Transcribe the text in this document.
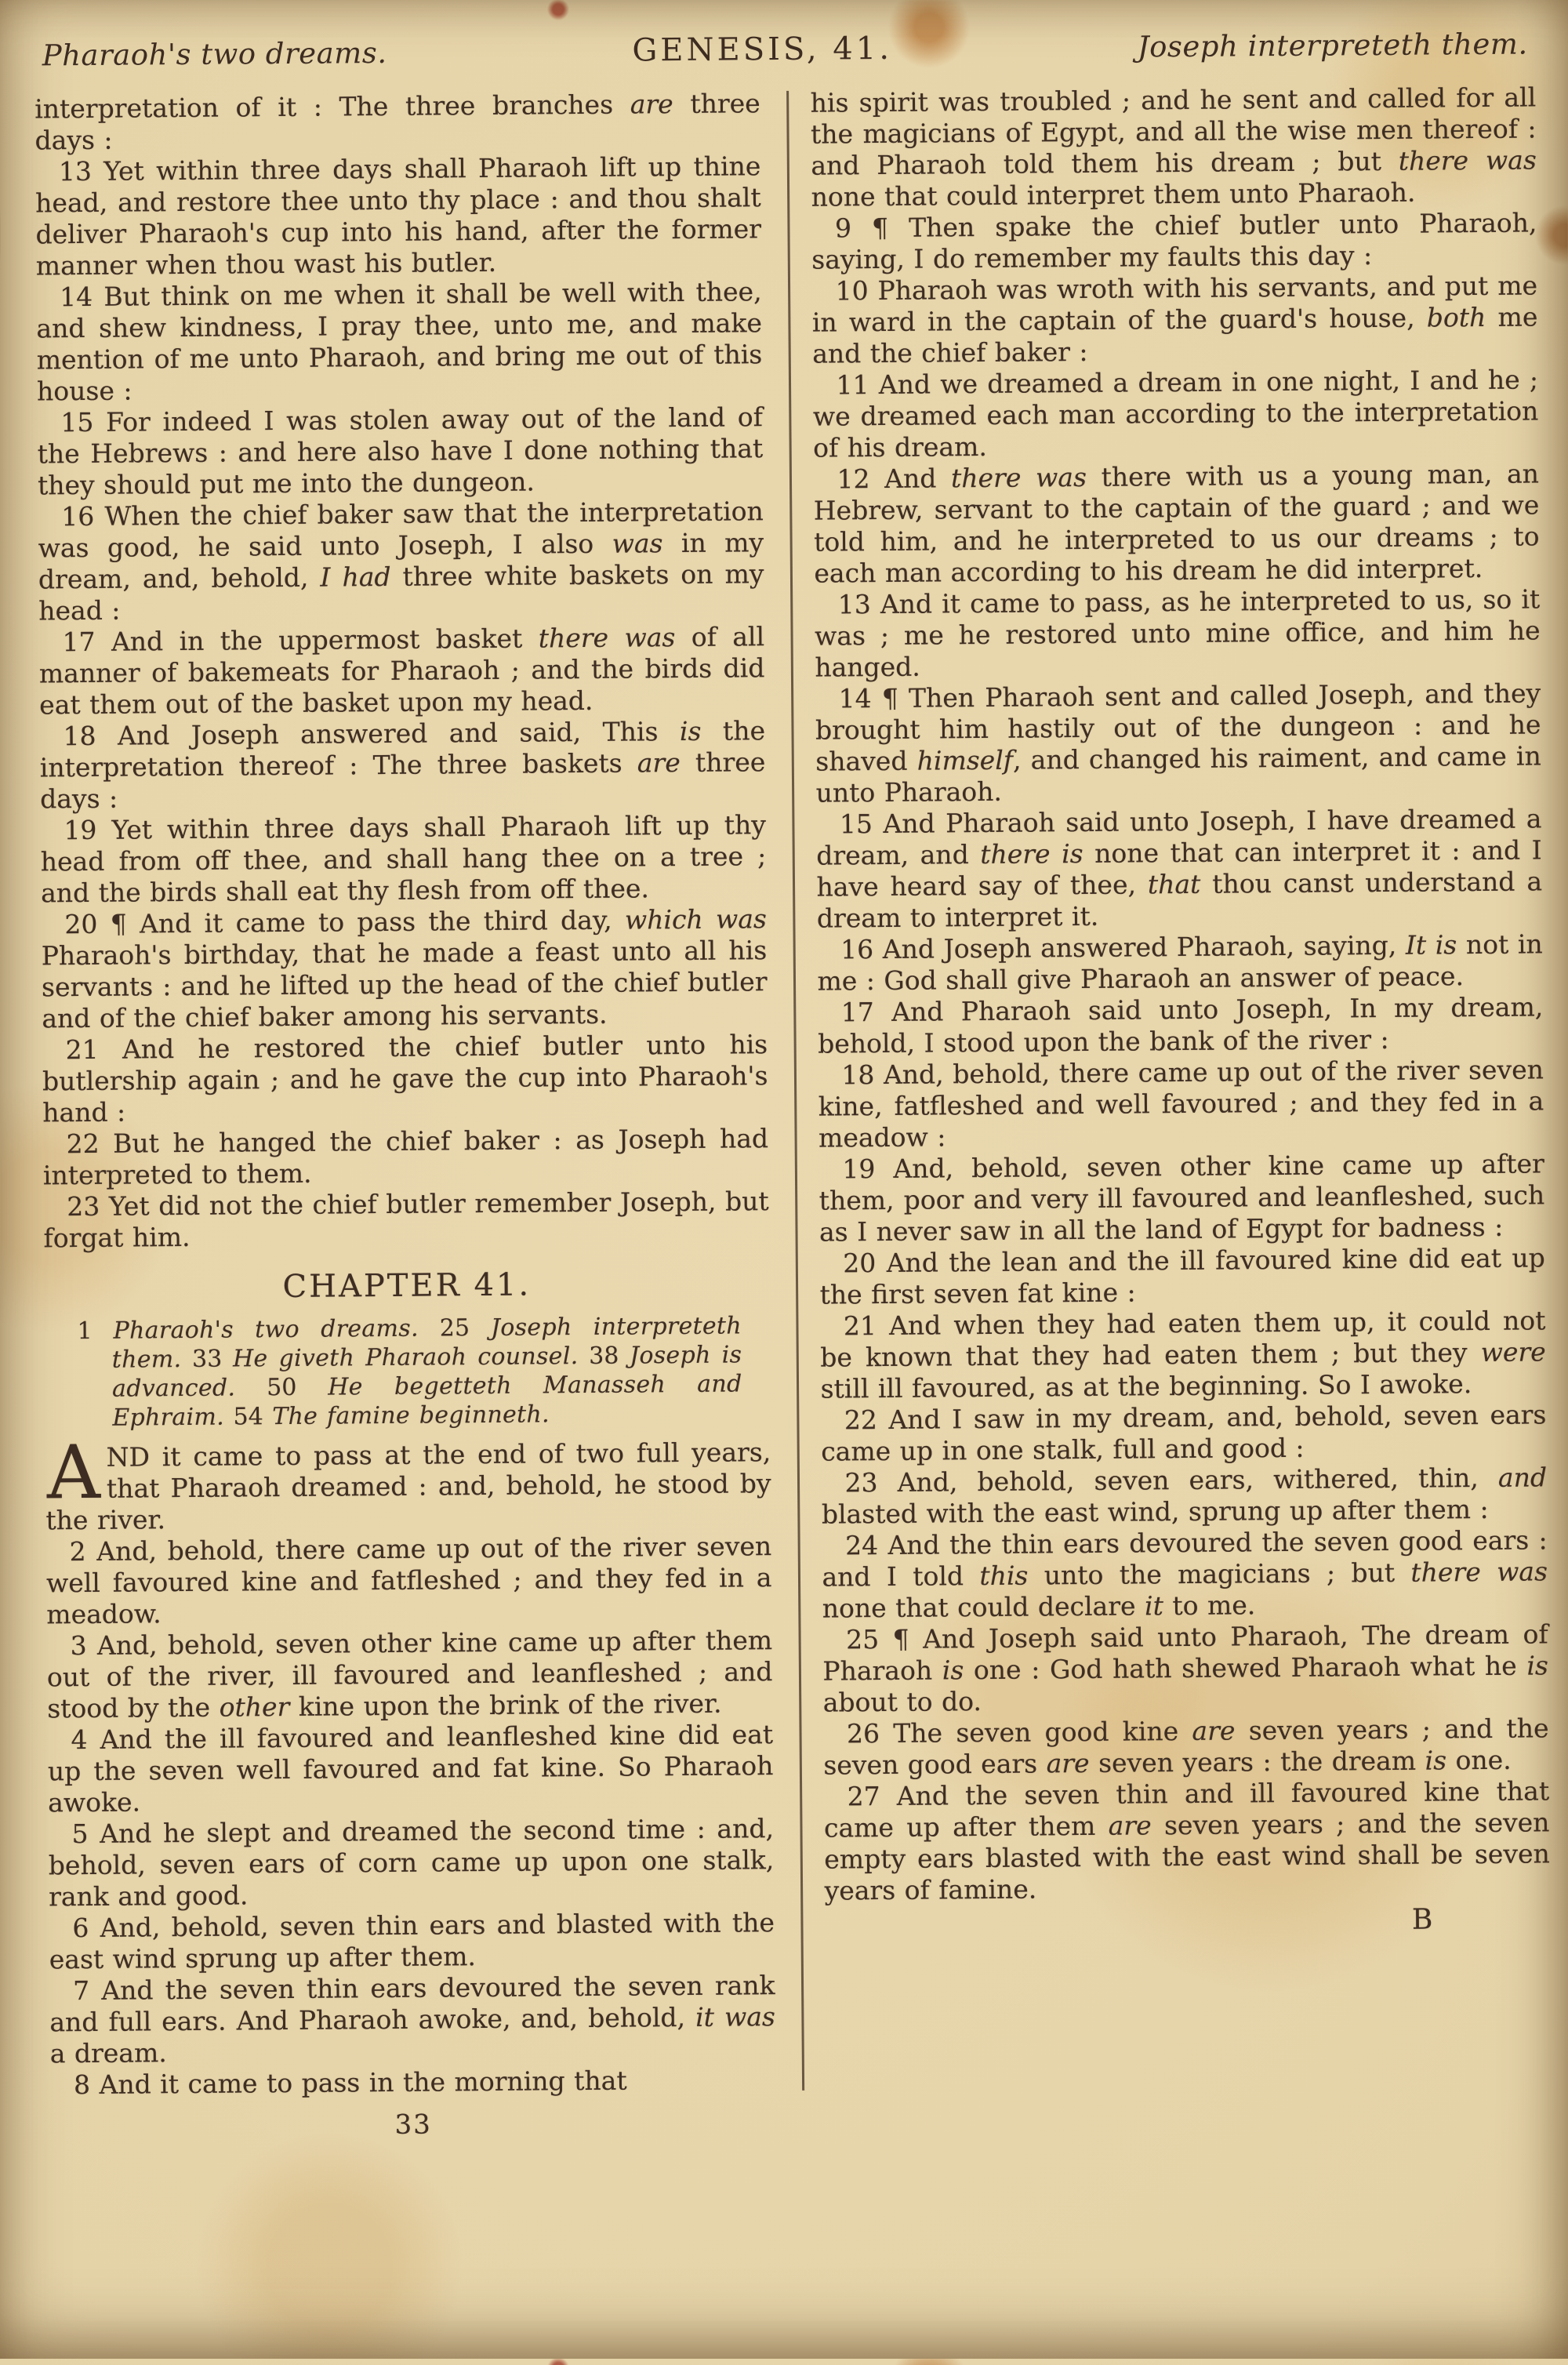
Pharaoh's two dreams.	GENESIS, 41.	Joseph interpreteth them.

interpretation of it : The three branches are three days :

13 Yet within three days shall Pharaoh lift up thine head, and restore thee unto thy place : and thou shalt deliver Pharaoh's cup into his hand, after the former manner when thou wast his butler.

14 But think on me when it shall be well with thee, and shew kindness, I pray thee, unto me, and make mention of me unto Pharaoh, and bring me out of this house :

15 For indeed I was stolen away out of the land of the Hebrews : and here also have I done nothing that they should put me into the dungeon.

16 When the chief baker saw that the interpretation was good, he said unto Joseph, I also was in my dream, and, behold, I had three white baskets on my head :

17 And in the uppermost basket there was of all manner of bakemeats for Pharaoh ; and the birds did eat them out of the basket upon my head.

18 And Joseph answered and said, This is the interpretation thereof : The three baskets are three days :

19 Yet within three days shall Pharaoh lift up thy head from off thee, and shall hang thee on a tree ; and the birds shall eat thy flesh from off thee.

20 ¶ And it came to pass the third day, which was Pharaoh's birthday, that he made a feast unto all his servants : and he lifted up the head of the chief butler and of the chief baker among his servants.

21 And he restored the chief butler unto his butlership again ; and he gave the cup into Pharaoh's hand :

22 But he hanged the chief baker : as Joseph had interpreted to them.

23 Yet did not the chief butler remember Joseph, but forgat him.

CHAPTER 41.

1 Pharaoh's two dreams. 25 Joseph interpreteth them. 33 He giveth Pharaoh counsel. 38 Joseph is advanced. 50 He begetteth Manasseh and Ephraim. 54 The famine beginneth.

AND it came to pass at the end of two full years, that Pharaoh dreamed : and, behold, he stood by the river.

2 And, behold, there came up out of the river seven well favoured kine and fatfleshed ; and they fed in a meadow.

3 And, behold, seven other kine came up after them out of the river, ill favoured and leanfleshed ; and stood by the other kine upon the brink of the river.

4 And the ill favoured and leanfleshed kine did eat up the seven well favoured and fat kine. So Pharaoh awoke.

5 And he slept and dreamed the second time : and, behold, seven ears of corn came up upon one stalk, rank and good.

6 And, behold, seven thin ears and blasted with the east wind sprung up after them.

7 And the seven thin ears devoured the seven rank and full ears. And Pharaoh awoke, and, behold, it was a dream.

8 And it came to pass in the morning that

33

his spirit was troubled ; and he sent and called for all the magicians of Egypt, and all the wise men thereof : and Pharaoh told them his dream ; but there was none that could interpret them unto Pharaoh.

9 ¶ Then spake the chief butler unto Pharaoh, saying, I do remember my faults this day :

10 Pharaoh was wroth with his servants, and put me in ward in the captain of the guard's house, both me and the chief baker :

11 And we dreamed a dream in one night, I and he ; we dreamed each man according to the interpretation of his dream.

12 And there was there with us a young man, an Hebrew, servant to the captain of the guard ; and we told him, and he interpreted to us our dreams ; to each man according to his dream he did interpret.

13 And it came to pass, as he interpreted to us, so it was ; me he restored unto mine office, and him he hanged.

14 ¶ Then Pharaoh sent and called Joseph, and they brought him hastily out of the dungeon : and he shaved himself, and changed his raiment, and came in unto Pharaoh.

15 And Pharaoh said unto Joseph, I have dreamed a dream, and there is none that can interpret it : and I have heard say of thee, that thou canst understand a dream to interpret it.

16 And Joseph answered Pharaoh, saying, It is not in me : God shall give Pharaoh an answer of peace.

17 And Pharaoh said unto Joseph, In my dream, behold, I stood upon the bank of the river :

18 And, behold, there came up out of the river seven kine, fatfleshed and well favoured ; and they fed in a meadow :

19 And, behold, seven other kine came up after them, poor and very ill favoured and leanfleshed, such as I never saw in all the land of Egypt for badness :

20 And the lean and the ill favoured kine did eat up the first seven fat kine :

21 And when they had eaten them up, it could not be known that they had eaten them ; but they were still ill favoured, as at the beginning. So I awoke.

22 And I saw in my dream, and, behold, seven ears came up in one stalk, full and good :

23 And, behold, seven ears, withered, thin, and blasted with the east wind, sprung up after them :

24 And the thin ears devoured the seven good ears : and I told this unto the magicians ; but there was none that could declare it to me.

25 ¶ And Joseph said unto Pharaoh, The dream of Pharaoh is one : God hath shewed Pharaoh what he is about to do.

26 The seven good kine are seven years ; and the seven good ears are seven years : the dream is one.

27 And the seven thin and ill favoured kine that came up after them are seven years ; and the seven empty ears blasted with the east wind shall be seven years of famine.

B
